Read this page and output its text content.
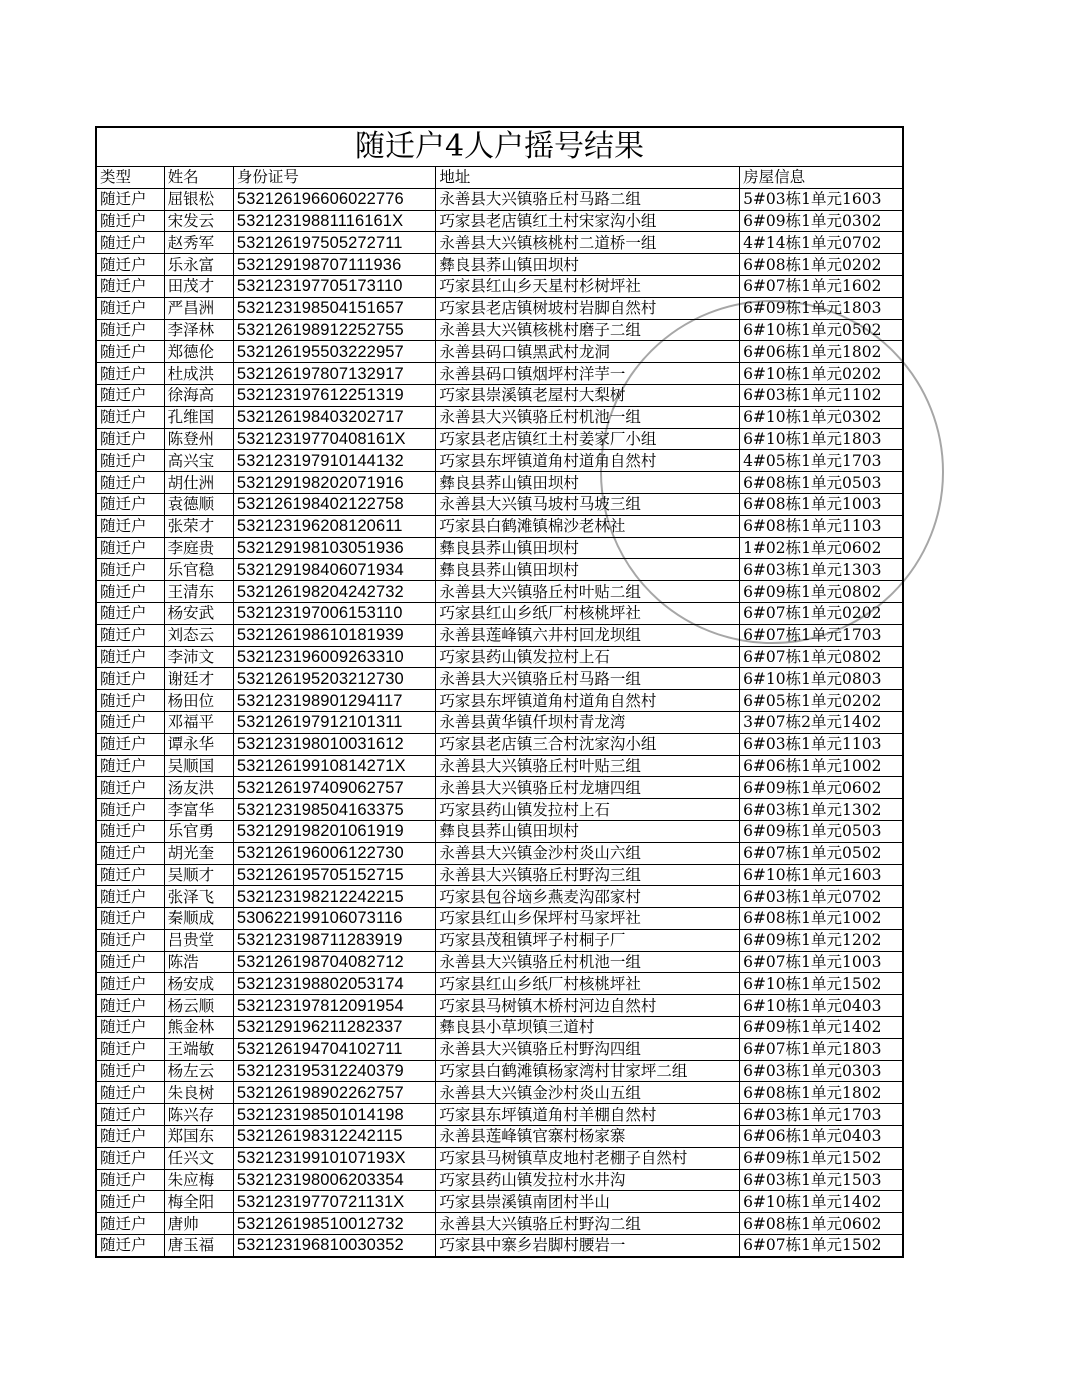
随迁户4人户摇号结果				
类型	姓名	身份证号	地址	房屋信息
随迁户	屈银松	532126196606022776	永善县大兴镇骆丘村马路二组	5#03栋1单元1603
随迁户	宋发云	53212319881116161X	巧家县老店镇红土村宋家沟小组	6#09栋1单元0302
随迁户	赵秀军	532126197505272711	永善县大兴镇核桃村二道桥一组	4#14栋1单元0702
随迁户	乐永富	532129198707111936	彝良县荞山镇田坝村	6#08栋1单元0202
随迁户	田茂才	532123197705173110	巧家县红山乡天星村杉树坪社	6#07栋1单元1602
随迁户	严昌洲	532123198504151657	巧家县老店镇树坡村岩脚自然村	6#09栋1单元1803
随迁户	李泽林	532126198912252755	永善县大兴镇核桃村磨子二组	6#10栋1单元0502
随迁户	郑德伦	532126195503222957	永善县码口镇黑武村龙洞	6#06栋1单元1802
随迁户	杜成洪	532126197807132917	永善县码口镇烟坪村洋芋一	6#10栋1单元0202
随迁户	徐海高	532123197612251319	巧家县崇溪镇老屋村大梨树	6#03栋1单元1102
随迁户	孔维国	532126198403202717	永善县大兴镇骆丘村机池一组	6#10栋1单元0302
随迁户	陈登州	53212319770408161X	巧家县老店镇红土村姜家厂小组	6#10栋1单元1803
随迁户	高兴宝	532123197910144132	巧家县东坪镇道角村道角自然村	4#05栋1单元1703
随迁户	胡仕洲	532129198202071916	彝良县荞山镇田坝村	6#08栋1单元0503
随迁户	袁德顺	532126198402122758	永善县大兴镇马坡村马坡三组	6#08栋1单元1003
随迁户	张荣才	532123196208120611	巧家县白鹤滩镇棉沙老林社	6#08栋1单元1103
随迁户	李庭贵	532129198103051936	彝良县荞山镇田坝村	1#02栋1单元0602
随迁户	乐官稳	532129198406071934	彝良县荞山镇田坝村	6#03栋1单元1303
随迁户	王清东	532126198204242732	永善县大兴镇骆丘村叶贴二组	6#09栋1单元0802
随迁户	杨安武	532123197006153110	巧家县红山乡纸厂村核桃坪社	6#07栋1单元0202
随迁户	刘态云	532126198610181939	永善县莲峰镇六井村回龙坝组	6#07栋1单元1703
随迁户	李沛文	532123196009263310	巧家县药山镇发拉村上石	6#07栋1单元0802
随迁户	谢廷才	532126195203212730	永善县大兴镇骆丘村马路一组	6#10栋1单元0803
随迁户	杨田位	532123198901294117	巧家县东坪镇道角村道角自然村	6#05栋1单元0202
随迁户	邓福平	532126197912101311	永善县黄华镇仟坝村青龙湾	3#07栋2单元1402
随迁户	谭永华	532123198010031612	巧家县老店镇三合村沈家沟小组	6#03栋1单元1103
随迁户	吴顺国	53212619910814271X	永善县大兴镇骆丘村叶贴三组	6#06栋1单元1002
随迁户	汤友洪	532126197409062757	永善县大兴镇骆丘村龙塘四组	6#09栋1单元0602
随迁户	李富华	532123198504163375	巧家县药山镇发拉村上石	6#03栋1单元1302
随迁户	乐官勇	532129198201061919	彝良县荞山镇田坝村	6#09栋1单元0503
随迁户	胡光奎	532126196006122730	永善县大兴镇金沙村炎山六组	6#07栋1单元0502
随迁户	吴顺才	532126195705152715	永善县大兴镇骆丘村野沟三组	6#10栋1单元1603
随迁户	张泽飞	532123198212242215	巧家县包谷垴乡燕麦沟邵家村	6#03栋1单元0702
随迁户	秦顺成	530622199106073116	巧家县红山乡保坪村马家坪社	6#08栋1单元1002
随迁户	吕贵堂	532123198711283919	巧家县茂租镇坪子村桐子厂	6#09栋1单元1202
随迁户	陈浩	532126198704082712	永善县大兴镇骆丘村机池一组	6#07栋1单元1003
随迁户	杨安成	532123198802053174	巧家县红山乡纸厂村核桃坪社	6#10栋1单元1502
随迁户	杨云顺	532123197812091954	巧家县马树镇木桥村河边自然村	6#10栋1单元0403
随迁户	熊金林	532129196211282337	彝良县小草坝镇三道村	6#09栋1单元1402
随迁户	王端敏	532126194704102711	永善县大兴镇骆丘村野沟四组	6#07栋1单元1803
随迁户	杨左云	532123195312240379	巧家县白鹤滩镇杨家湾村甘家坪二组	6#03栋1单元0303
随迁户	朱良树	532126198902262757	永善县大兴镇金沙村炎山五组	6#08栋1单元1802
随迁户	陈兴存	532123198501014198	巧家县东坪镇道角村羊棚自然村	6#03栋1单元1703
随迁户	郑国东	532126198312242115	永善县莲峰镇官寨村杨家寨	6#06栋1单元0403
随迁户	任兴文	53212319910107193X	巧家县马树镇草皮地村老棚子自然村	6#09栋1单元1502
随迁户	朱应梅	532123198006203354	巧家县药山镇发拉村水井沟	6#03栋1单元1503
随迁户	梅全阳	53212319770721131X	巧家县崇溪镇南团村半山	6#10栋1单元1402
随迁户	唐帅	532126198510012732	永善县大兴镇骆丘村野沟二组	6#08栋1单元0602
随迁户	唐玉福	532123196810030352	巧家县中寨乡岩脚村腰岩一	6#07栋1单元1502
